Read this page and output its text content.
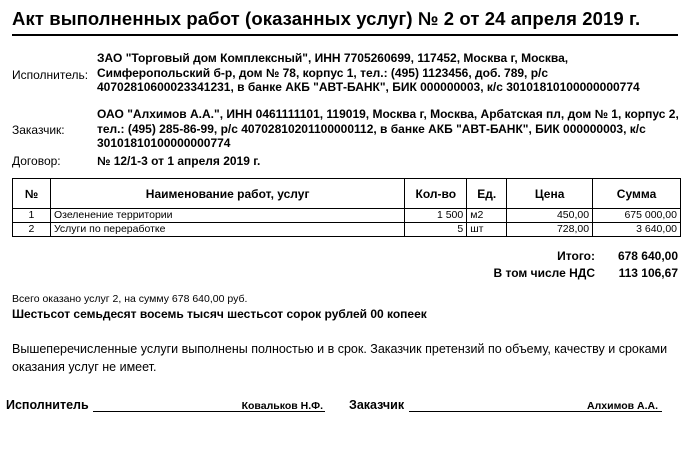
Акт выполненных работ (оказанных услуг) № 2 от 24 апреля 2019 г.
Исполнитель:
ЗАО "Торговый дом Комплексный", ИНН 7705260699, 117452, Москва г, Москва,
Симферопольский б-р, дом № 78, корпус 1, тел.: (495) 1123456, доб. 789, р/с
40702810600023341231, в банке АКБ "АВТ-БАНК", БИК 000000003, к/с 30101810100000000774
Заказчик:
ОАО "Алхимов А.А.", ИНН 0461111101, 119019, Москва г, Москва, Арбатская пл, дом № 1, корпус 2,
тел.: (495) 285-86-99, р/с 40702810201100000112, в банке АКБ "АВТ-БАНК", БИК 000000003, к/с
30101810100000000774
Договор:	№ 12/1-3 от 1 апреля 2019 г.
№	Наименование работ, услуг	Кол-во	Ед.	Цена	Сумма
1	Озеленение территории	1 500	м2	450,00	675 000,00
2	Услуги по переработке	5	шт	728,00	3 640,00
Итого:	678 640,00
В том числе НДС	113 106,67
Всего оказано услуг 2, на сумму 678 640,00 руб.
Шестьсот семьдесят восемь тысяч шестьсот сорок рублей 00 копеек
Вышеперечисленные услуги выполнены полностью и в срок. Заказчик претензий по объему, качеству и сроками оказания услуг не имеет.
Исполнитель	Ковальков Н.Ф. Заказчик	Алхимов А.А.
